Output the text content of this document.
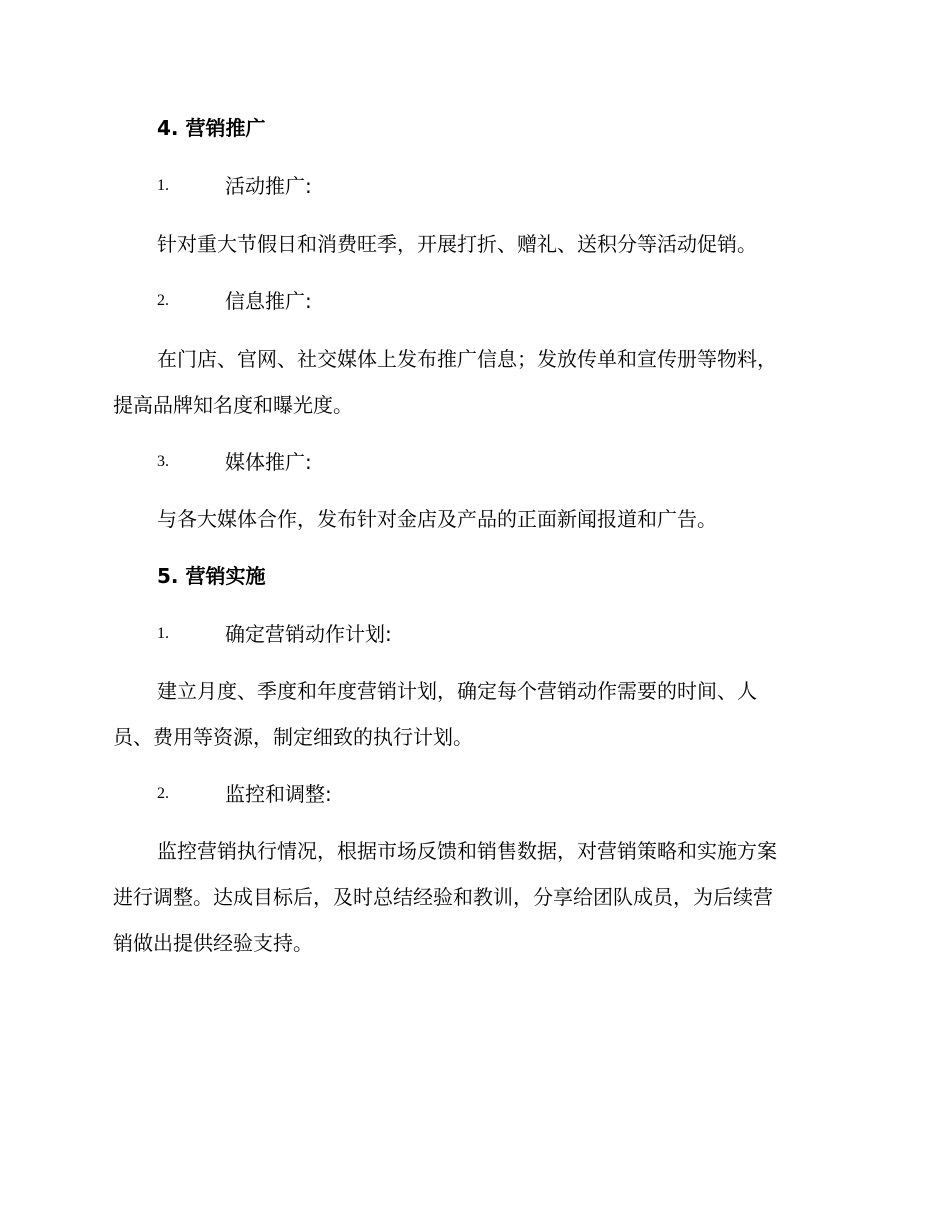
4. 营销推广
1.	活动推广:
针对重大节假日和消费旺季，开展打折、赠礼、送积分等活动促销。
2.	信息推广:
在门店、官网、社交媒体上发布推广信息；发放传单和宣传册等物料，
提高品牌知名度和曝光度。
3.	媒体推广:
与各大媒体合作，发布针对金店及产品的正面新闻报道和广告。
5. 营销实施
1.	确定营销动作计划:
建立月度、季度和年度营销计划，确定每个营销动作需要的时间、人
员、费用等资源，制定细致的执行计划。
2.	监控和调整:
监控营销执行情况，根据市场反馈和销售数据，对营销策略和实施方案
进行调整。达成目标后，及时总结经验和教训，分享给团队成员，为后续营
销做出提供经验支持。
